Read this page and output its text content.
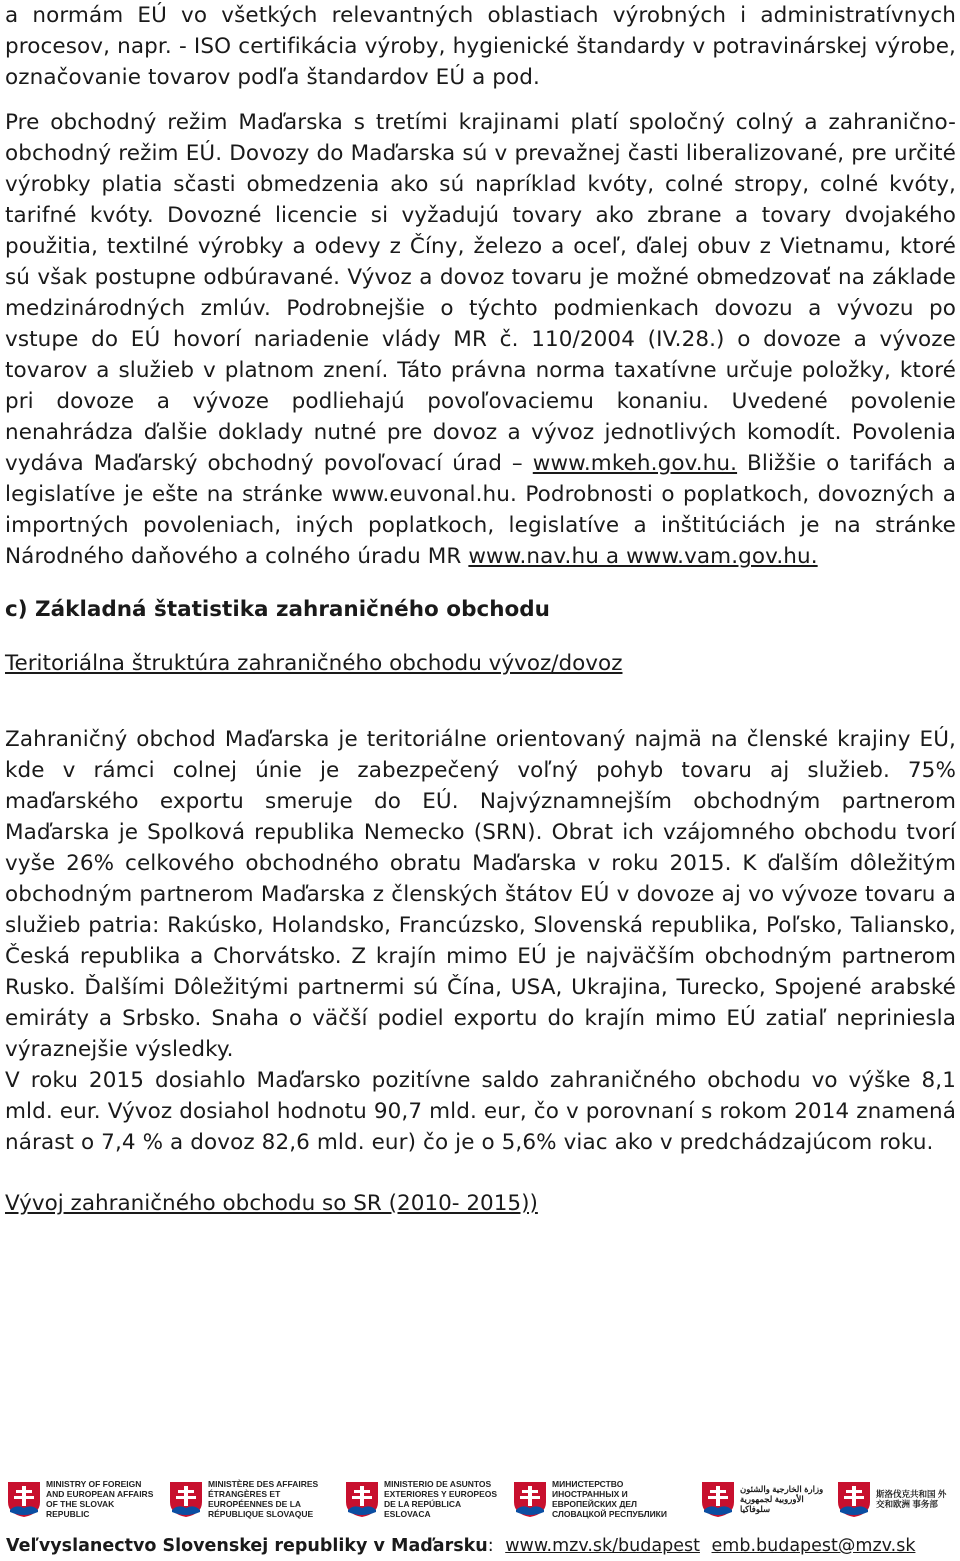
a normám EÚ vo všetkých relevantných oblastiach výrobných i administratívnych procesov, napr. - ISO certifikácia výroby, hygienické štandardy v potravinárskej výrobe, označovanie tovarov podľa štandardov EÚ a pod.

Pre obchodný režim Maďarska s tretími krajinami platí spoločný colný a zahranično-obchodný režim EÚ. Dovozy do Maďarska sú v prevažnej časti liberalizované, pre určité výrobky platia sčasti obmedzenia ako sú napríklad kvóty, colné stropy, colné kvóty, tarifné kvóty. Dovozné licencie si vyžadujú tovary ako zbrane a tovary dvojakého použitia, textilné výrobky a odevy z Číny, železo a oceľ, ďalej obuv z Vietnamu, ktoré sú však postupne odbúravané. Vývoz a dovoz tovaru je možné obmedzovať na základe medzinárodných zmlúv. Podrobnejšie o týchto podmienkach dovozu a vývozu po vstupe do EÚ hovorí nariadenie vlády MR č. 110/2004 (IV.28.) o dovoze a vývoze tovarov a služieb v platnom znení. Táto právna norma taxatívne určuje položky, ktoré pri dovoze a vývoze podliehajú povoľovaciemu konaniu. Uvedené povolenie nenahrádza ďalšie doklady nutné pre dovoz a vývoz jednotlivých komodít. Povolenia vydáva Maďarský obchodný povoľovací úrad – www.mkeh.gov.hu. Bližšie o tarifách a legislatíve je ešte na stránke www.euvonal.hu. Podrobnosti o poplatkoch, dovozných a importných povoleniach, iných poplatkoch, legislatíve a inštitúciách je na stránke Národného daňového a colného úradu MR www.nav.hu a www.vam.gov.hu.

c) Základná štatistika zahraničného obchodu

Teritoriálna štruktúra zahraničného obchodu vývoz/dovoz

Zahraničný obchod Maďarska je teritoriálne orientovaný najmä na členské krajiny EÚ, kde v rámci colnej únie je zabezpečený voľný pohyb tovaru aj služieb. 75% maďarského exportu smeruje do EÚ. Najvýznamnejším obchodným partnerom Maďarska je Spolková republika Nemecko (SRN). Obrat ich vzájomného obchodu tvorí vyše 26% celkového obchodného obratu Maďarska v roku 2015. K ďalším dôležitým obchodným partnerom Maďarska z členských štátov EÚ v dovoze aj vo vývoze tovaru a služieb patria: Rakúsko, Holandsko, Francúzsko, Slovenská republika, Poľsko, Taliansko, Česká republika a Chorvátsko. Z krajín mimo EÚ je najväčším obchodným partnerom Rusko. Ďalšími Dôležitými partnermi sú Čína, USA, Ukrajina, Turecko, Spojené arabské emiráty a Srbsko. Snaha o väčší podiel exportu do krajín mimo EÚ zatiaľ nepriniesla výraznejšie výsledky.

V roku 2015 dosiahlo Maďarsko pozitívne saldo zahraničného obchodu vo výške 8,1 mld. eur. Vývoz dosiahol hodnotu 90,7 mld. eur, čo v porovnaní s rokom 2014 znamená nárast o 7,4 % a dovoz 82,6 mld. eur) čo je o 5,6% viac ako v predchádzajúcom roku.

Vývoj zahraničného obchodu so SR (2010- 2015))

MINISTRY OF FOREIGN AND EUROPEAN AFFAIRS OF THE SLOVAK REPUBLIC
MINISTÈRE DES AFFAIRES ÉTRANGÈRES ET EUROPÉENNES DE LA RÉPUBLIQUE SLOVAQUE
MINISTERIO DE ASUNTOS EXTERIORES Y EUROPEOS DE LA REPÚBLICA ESLOVACA
МИНИСТЕРСТВО ИНОСТРАННЫХ И ЕВРОПЕЙСКИХ ДЕЛ СЛОВАЦКОЙ РЕСПУБЛИКИ
وزارة الخارجية والشئون الأوروبية لجمهورية سلوفاكيا
斯洛伐克共和国 外交和欧洲 事务部
Veľvyslanectvo Slovenskej republiky v Maďarsku: www.mzv.sk/budapest emb.budapest@mzv.sk
